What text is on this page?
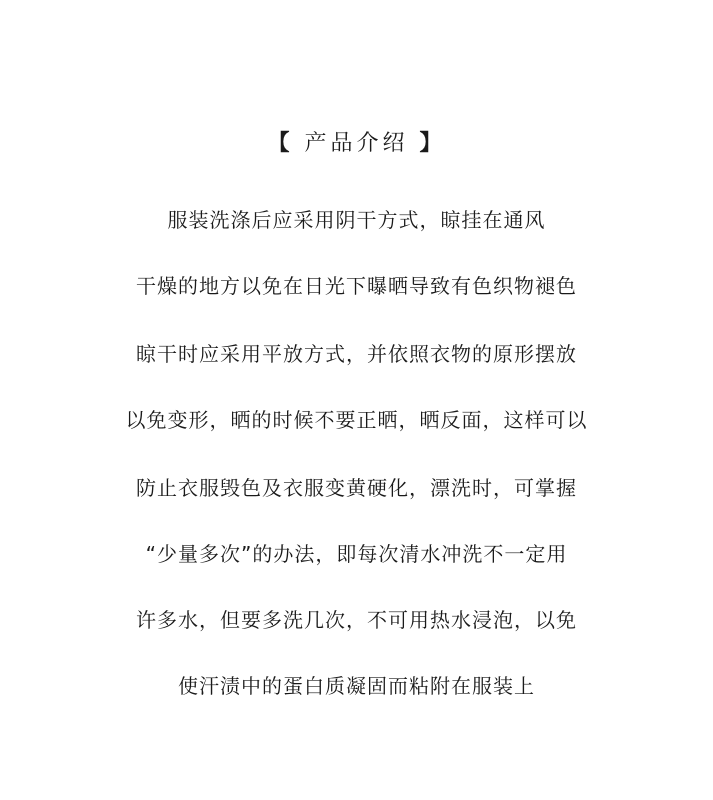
【 产品介绍 】
服装洗涤后应采用阴干方式，晾挂在通风
干燥的地方以免在日光下曝晒导致有色织物褪色
晾干时应采用平放方式，并依照衣物的原形摆放
以免变形，晒的时候不要正晒，晒反面，这样可以
防止衣服毁色及衣服变黄硬化，漂洗时，可掌握
“少量多次”的办法，即每次清水冲洗不一定用
许多水，但要多洗几次，不可用热水浸泡，以免
使汗渍中的蛋白质凝固而粘附在服装上
